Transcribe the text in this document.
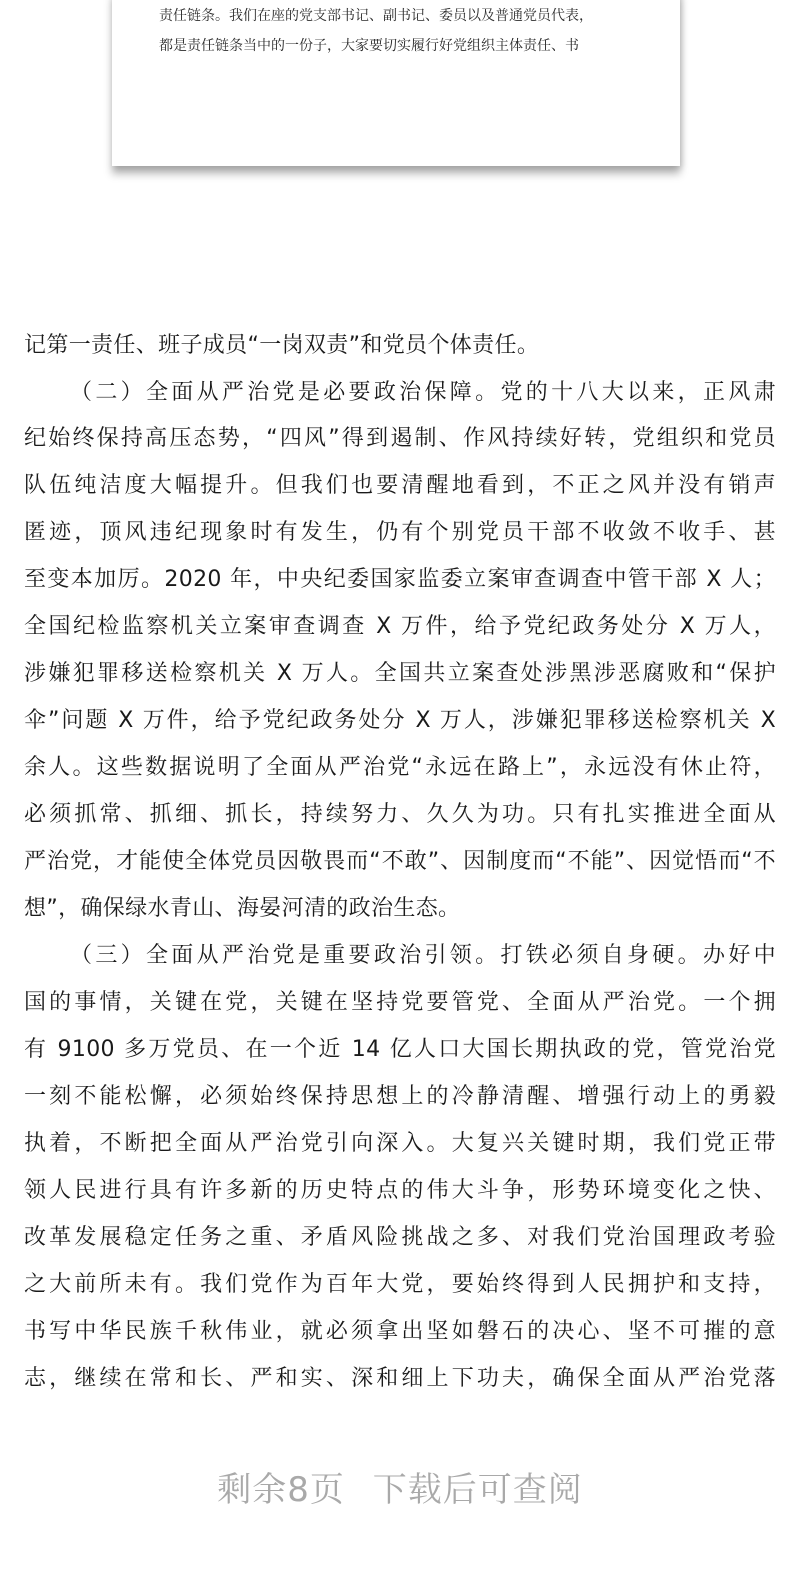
责任链条。我们在座的党支部书记、副书记、委员以及普通党员代表，
都是责任链条当中的一份子，大家要切实履行好党组织主体责任、书
记第一责任、班子成员“一岗双责”和党员个体责任。
（二）全面从严治党是必要政治保障。党的十八大以来，正风肃
纪始终保持高压态势，“四风”得到遏制、作风持续好转，党组织和党员
队伍纯洁度大幅提升。但我们也要清醒地看到，不正之风并没有销声
匿迹，顶风违纪现象时有发生，仍有个别党员干部不收敛不收手、甚
至变本加厉。2020 年，中央纪委国家监委立案审查调查中管干部 X 人；
全国纪检监察机关立案审查调查 X 万件，给予党纪政务处分 X 万人，
涉嫌犯罪移送检察机关 X 万人。全国共立案查处涉黑涉恶腐败和“保护
伞”问题 X 万件，给予党纪政务处分 X 万人，涉嫌犯罪移送检察机关 X
余人。这些数据说明了全面从严治党“永远在路上”，永远没有休止符，
必须抓常、抓细、抓长，持续努力、久久为功。只有扎实推进全面从
严治党，才能使全体党员因敬畏而“不敢”、因制度而“不能”、因觉悟而“不
想”，确保绿水青山、海晏河清的政治生态。
（三）全面从严治党是重要政治引领。打铁必须自身硬。办好中
国的事情，关键在党，关键在坚持党要管党、全面从严治党。一个拥
有 9100 多万党员、在一个近 14 亿人口大国长期执政的党，管党治党
一刻不能松懈，必须始终保持思想上的冷静清醒、增强行动上的勇毅
执着，不断把全面从严治党引向深入。大复兴关键时期，我们党正带
领人民进行具有许多新的历史特点的伟大斗争，形势环境变化之快、
改革发展稳定任务之重、矛盾风险挑战之多、对我们党治国理政考验
之大前所未有。我们党作为百年大党，要始终得到人民拥护和支持，
书写中华民族千秋伟业，就必须拿出坚如磐石的决心、坚不可摧的意
志，继续在常和长、严和实、深和细上下功夫，确保全面从严治党落
剩余8页 下载后可查阅
